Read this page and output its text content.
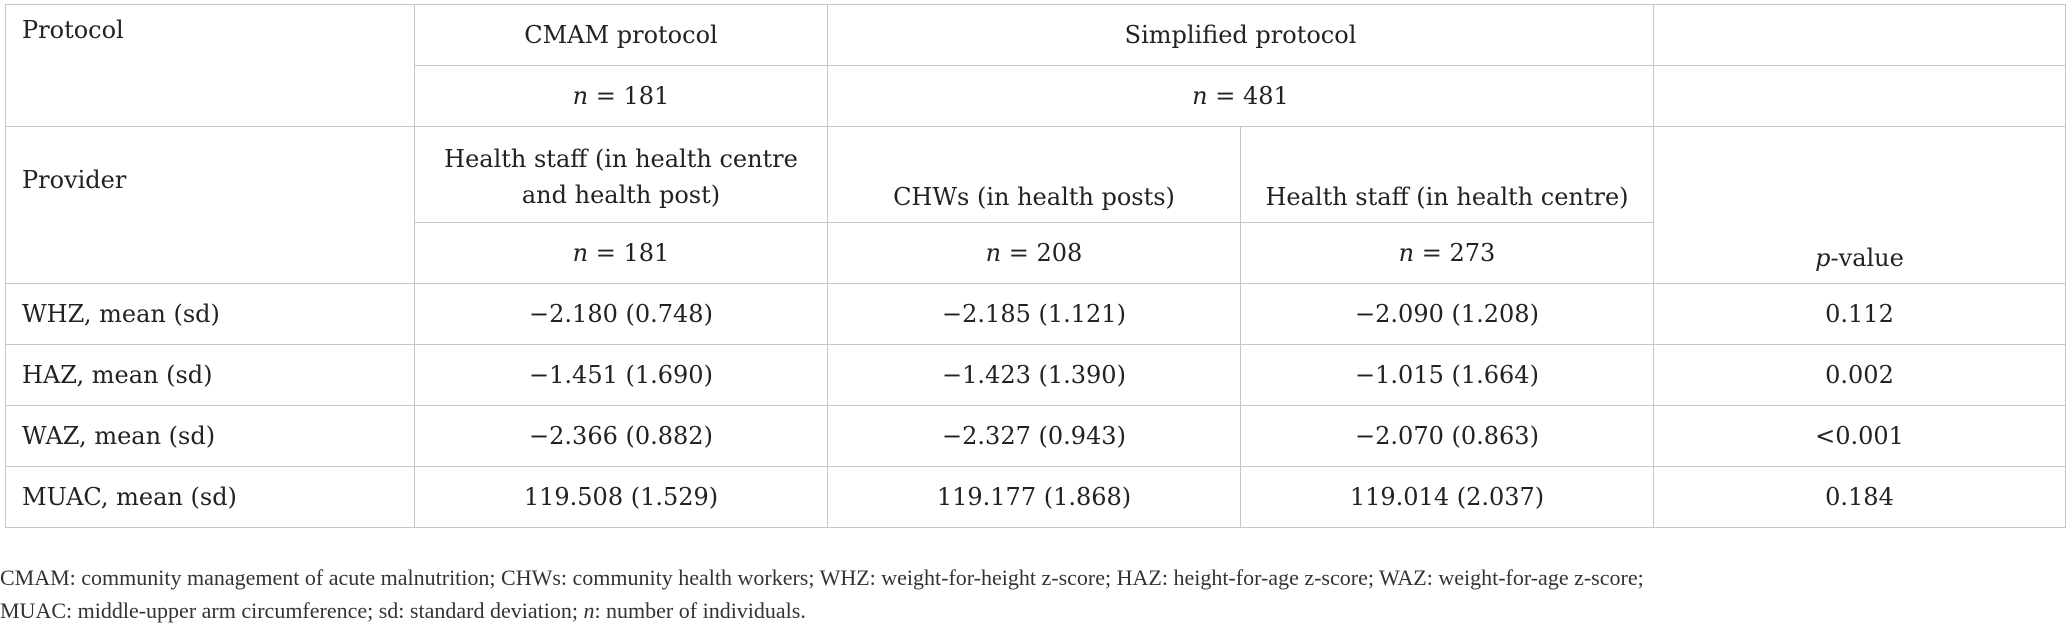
Protocol	CMAM protocol	Simplified protocol		
	n = 181	n = 481		
Provider	Health staff (in health centre and health post)	CHWs (in health posts)	Health staff (in health centre)	p-value
	n = 181	n = 208	n = 273	
WHZ, mean (sd)	−2.180 (0.748)	−2.185 (1.121)	−2.090 (1.208)	0.112
HAZ, mean (sd)	−1.451 (1.690)	−1.423 (1.390)	−1.015 (1.664)	0.002
WAZ, mean (sd)	−2.366 (0.882)	−2.327 (0.943)	−2.070 (0.863)	<0.001
MUAC, mean (sd)	119.508 (1.529)	119.177 (1.868)	119.014 (2.037)	0.184
CMAM: community management of acute malnutrition; CHWs: community health workers; WHZ: weight-for-height z-score; HAZ: height-for-age z-score; WAZ: weight-for-age z-score;
MUAC: middle-upper arm circumference; sd: standard deviation; n: number of individuals.
